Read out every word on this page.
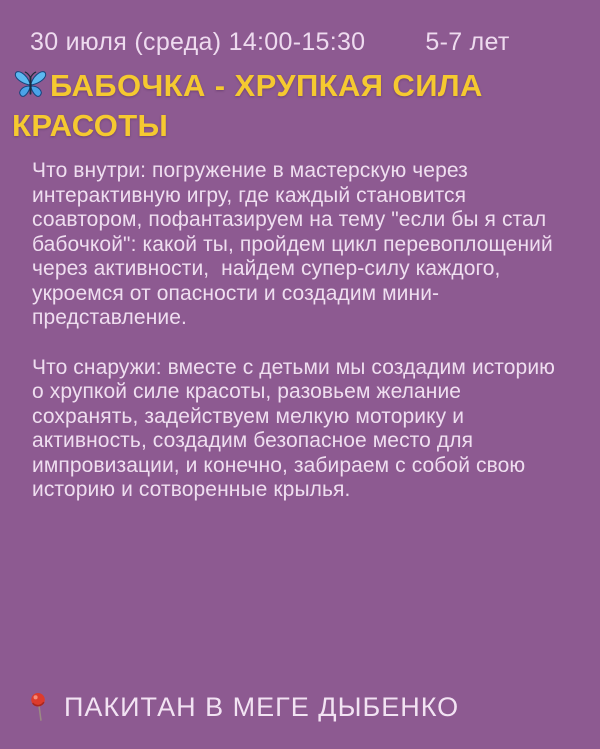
30 июля (среда) 14:00-15:30 5-7 лет
БАБОЧКА - ХРУПКАЯ СИЛА КРАСОТЫ

Что внутри: погружение в мастерскую через интерактивную игру, где каждый становится соавтором, пофантазируем на тему "если бы я стал бабочкой": какой ты, пройдем цикл перевоплощений через активности,  найдем супер-силу каждого, укроемся от опасности и создадим мини-представление.

Что снаружи: вместе с детьми мы создадим историю о хрупкой силе красоты, разовьем желание сохранять, задействуем мелкую моторику и активность, создадим безопасное место для импровизации, и конечно, забираем с собой свою историю и сотворенные крылья.

ПАКИТАН В МЕГЕ ДЫБЕНКО
